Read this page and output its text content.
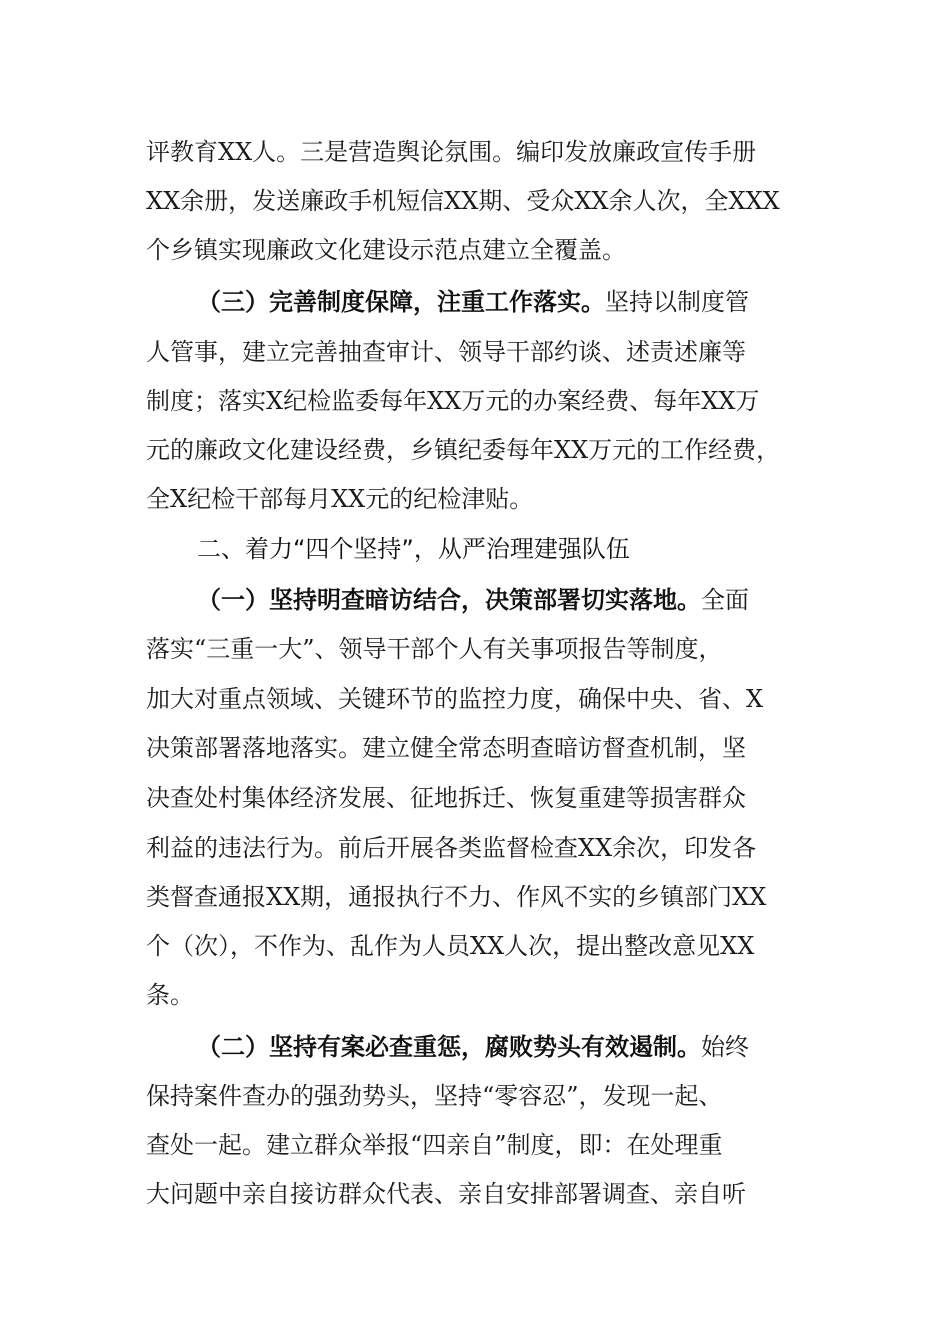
评教育XX人。三是营造舆论氛围。编印发放廉政宣传手册
XX余册，发送廉政手机短信XX期、受众XX余人次，全XXX
个乡镇实现廉政文化建设示范点建立全覆盖。
（三）完善制度保障，注重工作落实。坚持以制度管
人管事，建立完善抽查审计、领导干部约谈、述责述廉等
制度；落实X纪检监委每年XX万元的办案经费、每年XX万
元的廉政文化建设经费，乡镇纪委每年XX万元的工作经费，
全X纪检干部每月XX元的纪检津贴。
二、着力“四个坚持”，从严治理建强队伍
（一）坚持明查暗访结合，决策部署切实落地。全面
落实“三重一大”、领导干部个人有关事项报告等制度，
加大对重点领域、关键环节的监控力度，确保中央、省、X
决策部署落地落实。建立健全常态明查暗访督查机制，坚
决查处村集体经济发展、征地拆迁、恢复重建等损害群众
利益的违法行为。前后开展各类监督检查XX余次，印发各
类督查通报XX期，通报执行不力、作风不实的乡镇部门XX
个（次），不作为、乱作为人员XX人次，提出整改意见XX
条。
（二）坚持有案必查重惩，腐败势头有效遏制。始终
保持案件查办的强劲势头，坚持“零容忍”，发现一起、
查处一起。建立群众举报“四亲自”制度，即：在处理重
大问题中亲自接访群众代表、亲自安排部署调查、亲自听
